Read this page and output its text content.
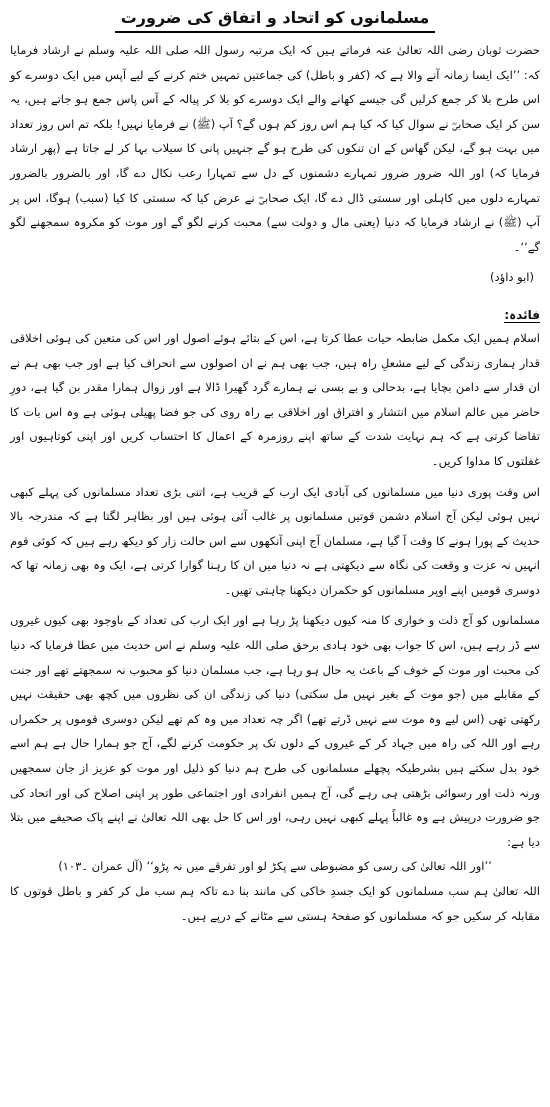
مسلمانوں کو اتحاد و اتفاق کی ضرورت

حضرت ثوبان رضی اللہ تعالیٰ عنہ فرماتے ہیں کہ ایک مرتبہ رسول اللہ صلی اللہ علیہ وسلم نے ارشاد فرمایا کہ: ’’ایک ایسا زمانہ آنے والا ہے کہ (کفر و باطل) کی جماعتیں تمہیں ختم کرنے کے لیے آپس میں ایک دوسرے کو اس طرح بلا کر جمع کرلیں گی جیسے کھانے والے ایک دوسرے کو بلا کر پیالہ کے آس پاس جمع ہو جاتے ہیں، یہ سن کر ایک صحابیؓ نے سوال کیا کہ کیا ہم اس روز کم ہوں گے؟ آپ (ﷺ) نے فرمایا نہیں! بلکہ تم اس روز تعداد میں بہت ہو گے، لیکن گھاس کے ان تنکوں کی طرح ہو گے جنہیں پانی کا سیلاب بہا کر لے جاتا ہے (پھر ارشاد فرمایا کہ) اور اللہ ضرور ضرور تمہارے دشمنوں کے دل سے تمہارا رعب نکال دے گا، اور بالضرور بالضرور تمہارے دلوں میں کاہلی اور سستی ڈال دے گا، ایک صحابیؓ نے عرض کیا کہ سستی کا کیا (سبب) ہوگا، اس پر آپ (ﷺ) نے ارشاد فرمایا کہ دنیا (یعنی مال و دولت سے) محبت کرنے لگو گے اور موت کو مکروہ سمجھنے لگو گے‘‘۔

(ابو داؤد)
فائدہ:

اسلام ہمیں ایک مکمل ضابطہ حیات عطا کرتا ہے، اس کے بتائے ہوئے اصول اور اس کی متعین کی ہوئی اخلاقی قدار ہماری زندگی کے لیے مشعلِ راہ ہیں، جب بھی ہم نے ان اصولوں سے انحراف کیا ہے اور جب بھی ہم نے ان قدار سے دامن بچایا ہے، بدحالی و بے بسی نے ہمارے گرد گھیرا ڈالا ہے اور زوال ہمارا مقدر بن گیا ہے، دورِ حاضر میں عالم اسلام میں انتشار و افتراق اور اخلاقی بے راہ روی کی جو فضا پھیلی ہوئی ہے وہ اس بات کا تقاضا کرتی ہے کہ ہم نہایت شدت کے ساتھ اپنے روزمرہ کے اعمال کا احتساب کریں اور اپنی کوتاہیوں اور غفلتوں کا مداوا کریں۔

اس وقت پوری دنیا میں مسلمانوں کی آبادی ایک ارب کے قریب ہے، اتنی بڑی تعداد مسلمانوں کی پہلے کبھی نہیں ہوئی لیکن آج اسلام دشمن قوتیں مسلمانوں پر غالب آئی ہوئی ہیں اور بظاہر لگتا ہے کہ مندرجہ بالا حدیث کے پورا ہونے کا وقت آ گیا ہے، مسلمان آج اپنی آنکھوں سے اس حالت زار کو دیکھ رہے ہیں کہ کوئی قوم انہیں نہ عزت و وقعت کی نگاہ سے دیکھتی ہے نہ دنیا میں ان کا رہنا گوارا کرتی ہے، ایک وہ بھی زمانہ تھا کہ دوسری قومیں اپنے اوپر مسلمانوں کو حکمران دیکھنا چاہتی تھیں۔

مسلمانوں کو آج ذلت و خواری کا منہ کیوں دیکھنا پڑ رہا ہے اور ایک ارب کی تعداد کے باوجود بھی کیوں غیروں سے ڈر رہے ہیں، اس کا جواب بھی خود ہادی برحق صلی اللہ علیہ وسلم نے اس حدیث میں عطا فرمایا کہ دنیا کی محبت اور موت کے خوف کے باعث یہ حال ہو رہا ہے، جب مسلمان دنیا کو محبوب نہ سمجھتے تھے اور جنت کے مقابلے میں (جو موت کے بغیر نہیں مل سکتی) دنیا کی زندگی ان کی نظروں میں کچھ بھی حقیقت نہیں رکھتی تھی (اس لیے وہ موت سے نہیں ڈرتے تھے) اگر چہ تعداد میں وہ کم تھے لیکن دوسری قوموں پر حکمراں رہے اور اللہ کی راہ میں جہاد کر کے غیروں کے دلوں تک پر حکومت کرنے لگے، آج جو ہمارا حال ہے ہم اسے خود بدل سکتے ہیں بشرطیکہ پچھلے مسلمانوں کی طرح ہم دنیا کو ذلیل اور موت کو عزیز از جان سمجھیں ورنہ ذلت اور رسوائی بڑھتی ہی رہے گی، آج ہمیں انفرادی اور اجتماعی طور پر اپنی اصلاح کی اور اتحاد کی جو ضرورت درپیش ہے وہ غالباً پہلے کبھی نہیں رہی، اور اس کا حل بھی اللہ تعالیٰ نے اپنے پاک صحیفے میں بتلا دیا ہے:

’’اور اللہ تعالیٰ کی رسی کو مضبوطی سے پکڑ لو اور تفرقے میں نہ پڑو‘‘ (آل عمران ۔۱۰۳)

اللہ تعالیٰ ہم سب مسلمانوں کو ایک جسدِ خاکی کی مانند بنا دے تاکہ ہم سب مل کر کفر و باطل قوتوں کا مقابلہ کر سکیں جو کہ مسلمانوں کو صفحۂ ہستی سے مٹانے کے درپے ہیں۔
